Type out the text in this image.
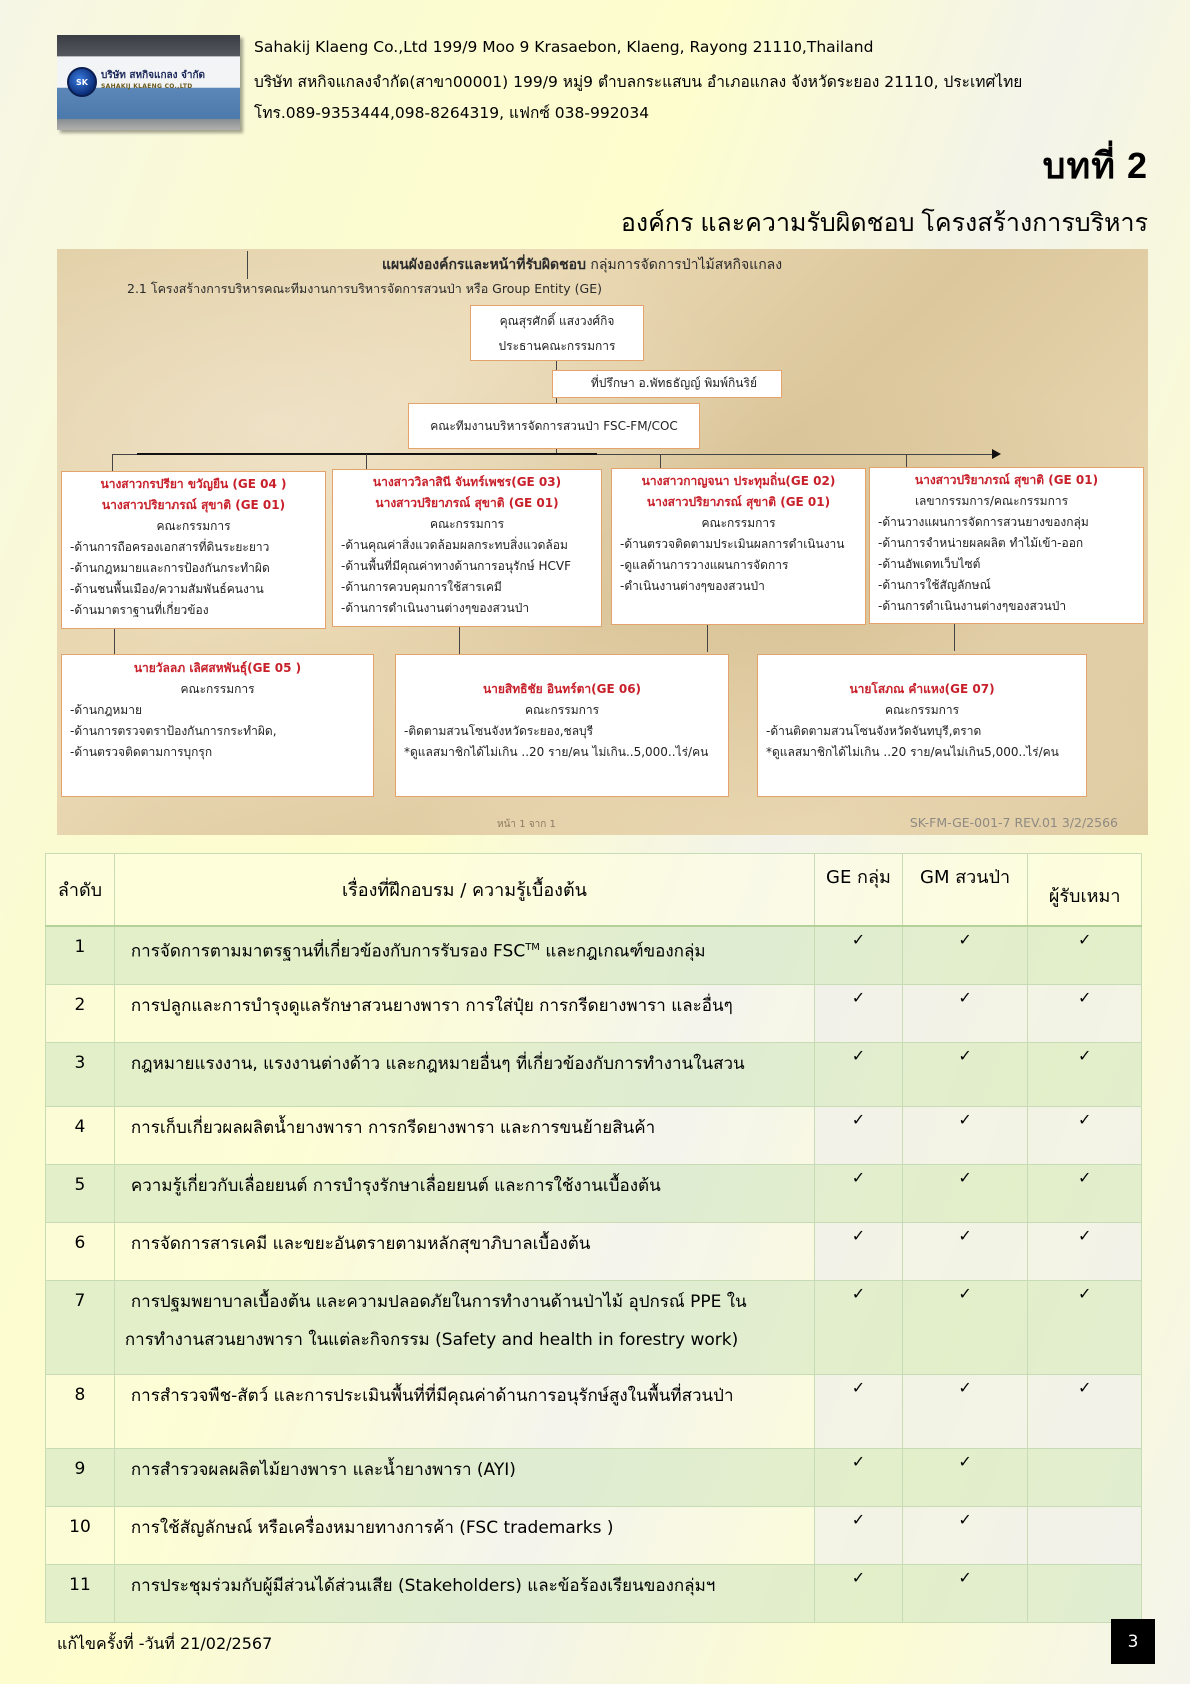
SK
บริษัท สหกิจแกลง จำกัด
SAHAKIJ KLAENG CO.,LTD
Sahakij Klaeng Co.,Ltd 199/9 Moo 9 Krasaebon, Klaeng, Rayong 21110,Thailand
บริษัท สหกิจแกลงจำกัด(สาขา00001) 199/9 หมู่9 ตำบลกระแสบน อำเภอแกลง จังหวัดระยอง 21110, ประเทศไทย
โทร.089-9353444,098-8264319, แฟกซ์ 038-992034
บทที่ 2
องค์กร และความรับผิดชอบ โครงสร้างการบริหาร
แผนผังองค์กรและหน้าที่รับผิดชอบ กลุ่มการจัดการป่าไม้สหกิจแกลง
2.1 โครงสร้างการบริหารคณะทีมงานการบริหารจัดการสวนป่า หรือ Group Entity (GE)
คุณสุรศักดิ์ แสงวงศ์กิจ
ประธานคณะกรรมการ
ที่ปรึกษา อ.พัทธธัญญ์ พิมพ์กินริย์
คณะทีมงานบริหารจัดการสวนป่า FSC-FM/COC
นางสาวกรปรียา ขวัญยืน (GE 04 )
นางสาวปริยาภรณ์ สุขาติ (GE 01)
คณะกรรมการ
-ด้านการถือครองเอกสารที่ดินระยะยาว
-ด้านกฎหมายและการป้องกันกระทำผิด
-ด้านชนพื้นเมือง/ความสัมพันธ์คนงาน
-ด้านมาตราฐานที่เกี่ยวข้อง
นางสาววิลาสินี จันทร์เพชร(GE 03)
นางสาวปริยาภรณ์ สุขาติ (GE 01)
คณะกรรมการ
-ด้านคุณค่าสิ่งแวดล้อมผลกระทบสิ่งแวดล้อม
-ด้านพื้นที่มีคุณค่าทางด้านการอนุรักษ์ HCVF
-ด้านการควบคุมการใช้สารเคมี
-ด้านการดำเนินงานต่างๆของสวนป่า
นางสาวกาญจนา ประทุมถิ่น(GE 02)
นางสาวปริยาภรณ์ สุขาติ (GE 01)
คณะกรรมการ
-ด้านตรวจติดตามประเมินผลการดำเนินงาน
-ดูแลด้านการวางแผนการจัดการ
-ดำเนินงานต่างๆของสวนป่า
นางสาวปริยาภรณ์ สุขาติ (GE 01)
เลขากรรมการ/คณะกรรมการ
-ด้านวางแผนการจัดการสวนยางของกลุ่ม
-ด้านการจำหน่ายผลผลิต ทำไม้เข้า-ออก
-ด้านอัพเดทเว็บไซต์
-ด้านการใช้สัญลักษณ์
-ด้านการดำเนินงานต่างๆของสวนป่า
นายวัลลภ เลิศสหพันธุ์(GE 05 )
คณะกรรมการ
-ด้านกฎหมาย
-ด้านการตรวจตราป้องกันการกระทำผิด,
-ด้านตรวจติดตามการบุกรุก
นายสิทธิชัย อินทร์ตา(GE 06)
คณะกรรมการ
-ติดตามสวนโซนจังหวัดระยอง,ชลบุรี
*ดูแลสมาชิกได้ไม่เกิน ..20 ราย/คน ไม่เกิน..5,000..ไร่/คน
นายโสภณ คำแหง(GE 07)
คณะกรรมการ
-ด้านติดตามสวนโซนจังหวัดจันทบุรี,ตราด
*ดูแลสมาชิกได้ไม่เกิน ..20 ราย/คนไม่เกิน5,000..ไร่/คน
หน้า 1 จาก 1	SK-FM-GE-001-7 REV.01 3/2/2566
ลำดับ	เรื่องที่ฝึกอบรม / ความรู้เบื้องต้น	GE กลุ่ม	GM สวนป่า	ผู้รับเหมา
1	การจัดการตามมาตรฐานที่เกี่ยวข้องกับการรับรอง FSC™ และกฎเกณฑ์ของกลุ่ม	✓	✓	✓
2	การปลูกและการบำรุงดูแลรักษาสวนยางพารา การใส่ปุ๋ย การกรีดยางพารา และอื่นๆ	✓	✓	✓
3	กฎหมายแรงงาน, แรงงานต่างด้าว และกฎหมายอื่นๆ ที่เกี่ยวข้องกับการทำงานในสวน	✓	✓	✓
4	การเก็บเกี่ยวผลผลิตน้ำยางพารา การกรีดยางพารา และการขนย้ายสินค้า	✓	✓	✓
5	ความรู้เกี่ยวกับเลื่อยยนต์ การบำรุงรักษาเลื่อยยนต์ และการใช้งานเบื้องต้น	✓	✓	✓
6	การจัดการสารเคมี และขยะอันตรายตามหลักสุขาภิบาลเบื้องต้น	✓	✓	✓
7	การปฐมพยาบาลเบื้องต้น และความปลอดภัยในการทำงานด้านป่าไม้ อุปกรณ์ PPE ใน
การทำงานสวนยางพารา ในแต่ละกิจกรรม (Safety and health in forestry work)	✓	✓	✓
8	การสำรวจพืช-สัตว์ และการประเมินพื้นที่ที่มีคุณค่าด้านการอนุรักษ์สูงในพื้นที่สวนป่า	✓	✓	✓
9	การสำรวจผลผลิตไม้ยางพารา และน้ำยางพารา (AYI)	✓	✓	
10	การใช้สัญลักษณ์ หรือเครื่องหมายทางการค้า (FSC trademarks )	✓	✓	
11	การประชุมร่วมกับผู้มีส่วนได้ส่วนเสีย (Stakeholders) และข้อร้องเรียนของกลุ่มฯ	✓	✓	
แก้ไขครั้งที่ -วันที่ 21/02/2567	3
